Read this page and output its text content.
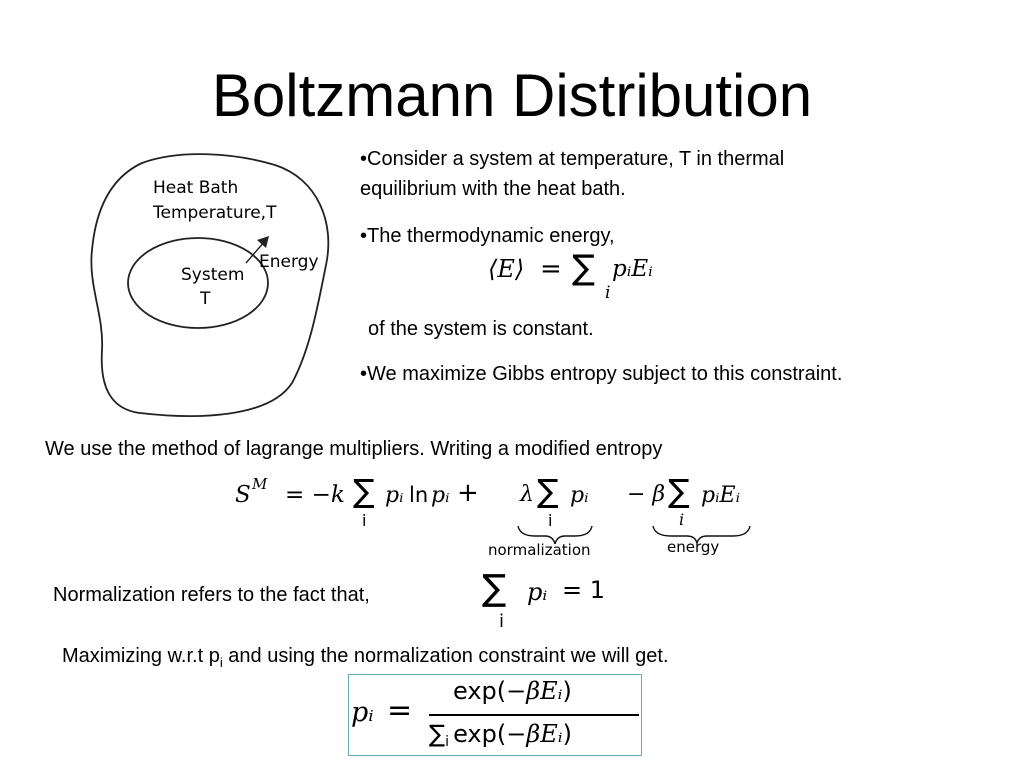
Boltzmann Distribution
Heat Bath
Temperature,T
System
T
Energy
•Consider a system at temperature, T in thermal
equilibrium with the heat bath.
•The thermodynamic energy,
⟨E⟩ = ∑
i
pᵢEᵢ
of the system is constant.
•We maximize Gibbs entropy subject to this constraint.
We use the method of lagrange multipliers. Writing a modified entropy
S M = −k ∑
i
pᵢ ln pᵢ + λ ∑
i
pᵢ − β ∑
i
pᵢEᵢ
normalization	energy
Normalization refers to the fact that,	∑
i
pᵢ = 1
Maximizing w.r.t $p_i$ and using the normalization constraint we will get.
pᵢ =
exp(−βEᵢ)
$\sum_i$ exp(−βEᵢ)
